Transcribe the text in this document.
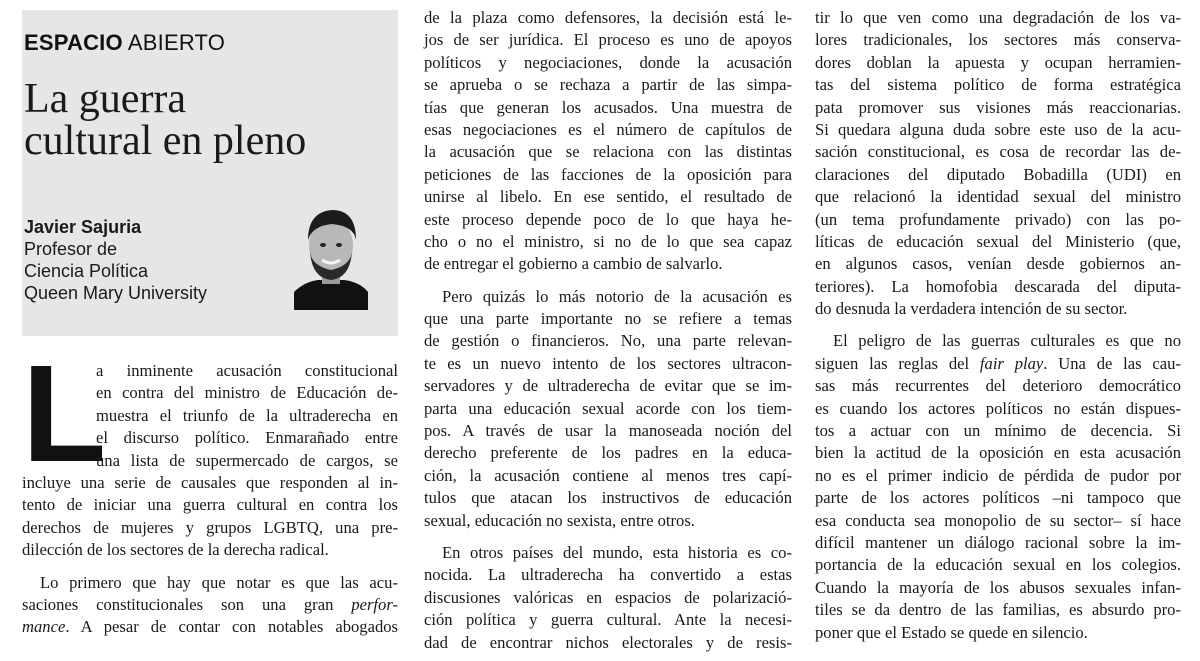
ESPACIO ABIERTO
La guerra
cultural en pleno
Javier Sajuria
Profesor de
Ciencia Política
Queen Mary University
L
a inminente acusación constitucional
en contra del ministro de Educación de-
muestra el triunfo de la ultraderecha en
el discurso político. Enmarañado entre
una lista de supermercado de cargos, se
incluye una serie de causales que responden al in-
tento de iniciar una guerra cultural en contra los
derechos de mujeres y grupos LGBTQ, una pre-
dilección de los sectores de la derecha radical.
Lo primero que hay que notar es que las acu-
saciones constitucionales son una gran perfor-
mance. A pesar de contar con notables abogados
de la plaza como defensores, la decisión está le-
jos de ser jurídica. El proceso es uno de apoyos
políticos y negociaciones, donde la acusación
se aprueba o se rechaza a partir de las simpa-
tías que generan los acusados. Una muestra de
esas negociaciones es el número de capítulos de
la acusación que se relaciona con las distintas
peticiones de las facciones de la oposición para
unirse al libelo. En ese sentido, el resultado de
este proceso depende poco de lo que haya he-
cho o no el ministro, si no de lo que sea capaz
de entregar el gobierno a cambio de salvarlo.
Pero quizás lo más notorio de la acusación es
que una parte importante no se refiere a temas
de gestión o financieros. No, una parte relevan-
te es un nuevo intento de los sectores ultracon-
servadores y de ultraderecha de evitar que se im-
parta una educación sexual acorde con los tiem-
pos. A través de usar la manoseada noción del
derecho preferente de los padres en la educa-
ción, la acusación contiene al menos tres capí-
tulos que atacan los instructivos de educación
sexual, educación no sexista, entre otros.
En otros países del mundo, esta historia es co-
nocida. La ultraderecha ha convertido a estas
discusiones valóricas en espacios de polarizació-
ción política y guerra cultural. Ante la necesi-
dad de encontrar nichos electorales y de resis-
tir lo que ven como una degradación de los va-
lores tradicionales, los sectores más conserva-
dores doblan la apuesta y ocupan herramien-
tas del sistema político de forma estratégica
pata promover sus visiones más reaccionarias.
Si quedara alguna duda sobre este uso de la acu-
sación constitucional, es cosa de recordar las de-
claraciones del diputado Bobadilla (UDI) en
que relacionó la identidad sexual del ministro
(un tema profundamente privado) con las po-
líticas de educación sexual del Ministerio (que,
en algunos casos, venían desde gobiernos an-
teriores). La homofobia descarada del diputa-
do desnuda la verdadera intención de su sector.
El peligro de las guerras culturales es que no
siguen las reglas del fair play. Una de las cau-
sas más recurrentes del deterioro democrático
es cuando los actores políticos no están dispues-
tos a actuar con un mínimo de decencia. Si
bien la actitud de la oposición en esta acusación
no es el primer indicio de pérdida de pudor por
parte de los actores políticos –ni tampoco que
esa conducta sea monopolio de su sector– sí hace
difícil mantener un diálogo racional sobre la im-
portancia de la educación sexual en los colegios.
Cuando la mayoría de los abusos sexuales infan-
tiles se da dentro de las familias, es absurdo pro-
poner que el Estado se quede en silencio.
